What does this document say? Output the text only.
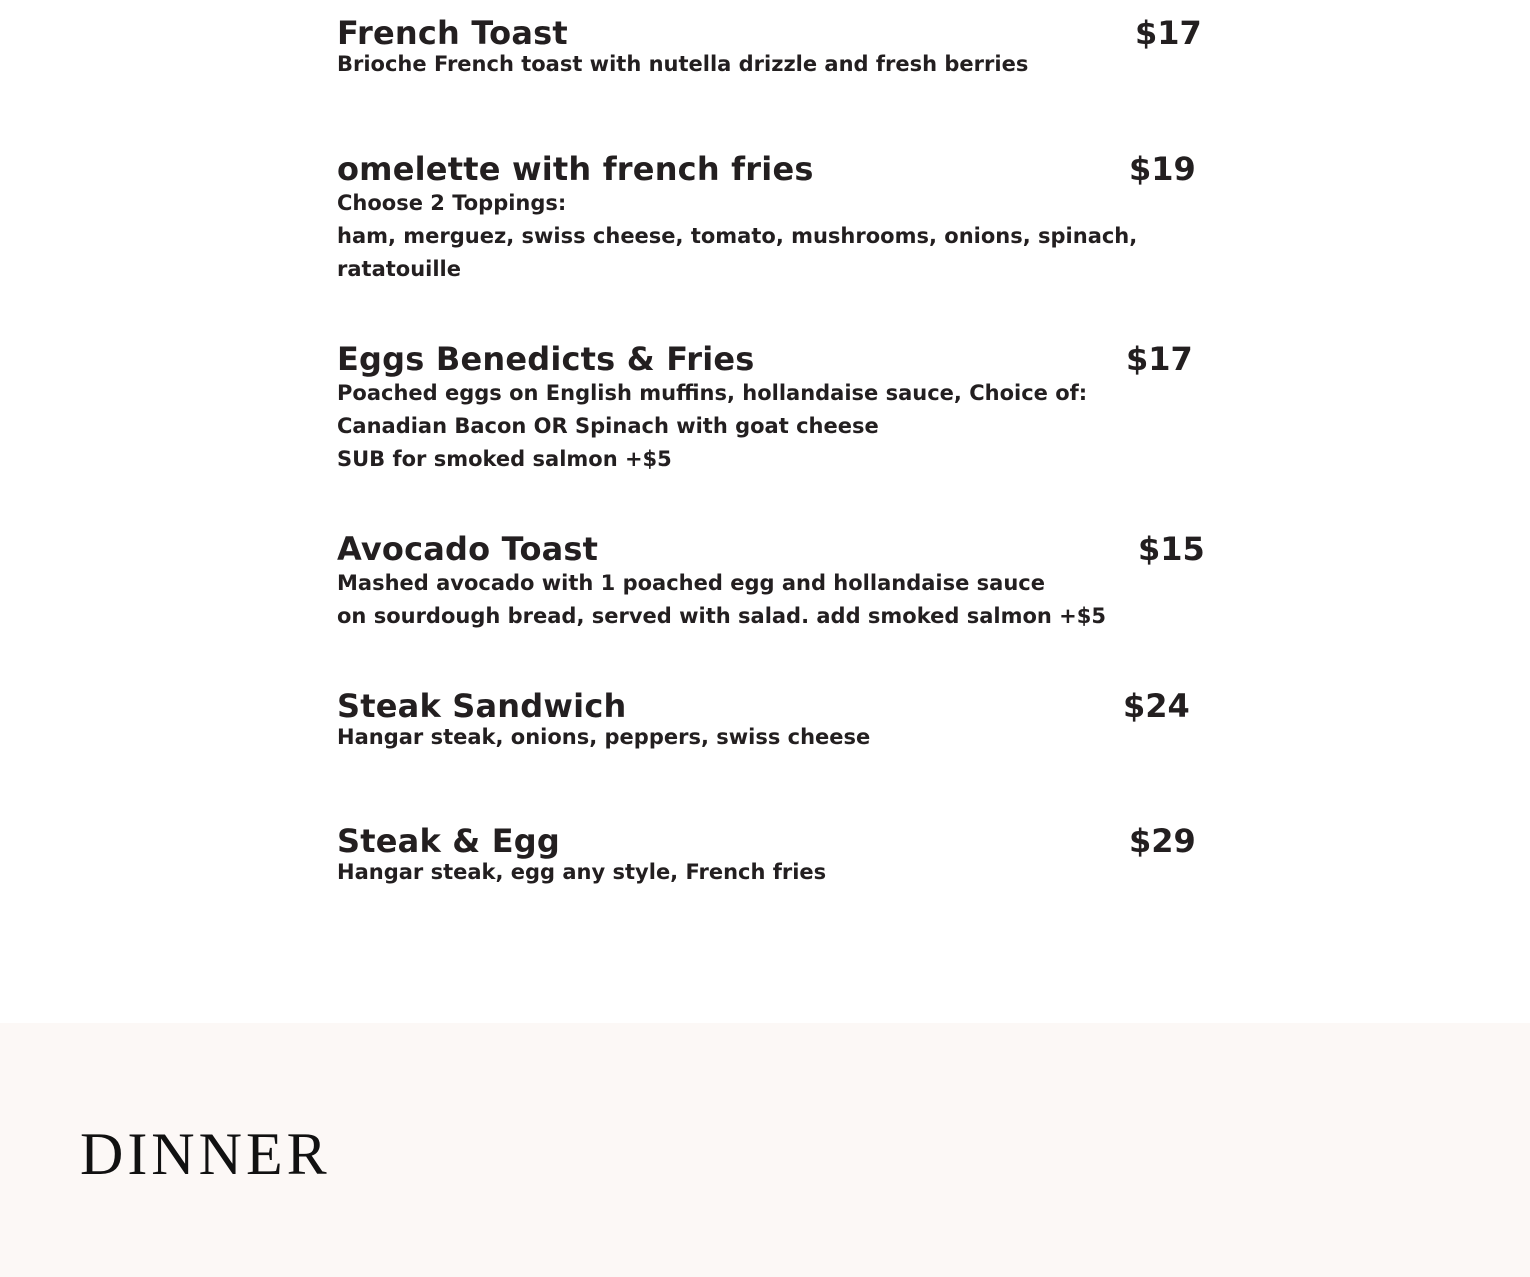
French Toast	$17
Brioche French toast with nutella drizzle and fresh berries
omelette with french fries	$19
Choose 2 Toppings:
ham, merguez, swiss cheese, tomato, mushrooms, onions, spinach,
ratatouille
Eggs Benedicts & Fries	$17
Poached eggs on English muffins, hollandaise sauce, Choice of:
Canadian Bacon OR Spinach with goat cheese
SUB for smoked salmon +$5
Avocado Toast	$15
Mashed avocado with 1 poached egg and hollandaise sauce
on sourdough bread, served with salad. add smoked salmon +$5
Steak Sandwich	$24
Hangar steak, onions, peppers, swiss cheese
Steak & Egg	$29
Hangar steak, egg any style, French fries
DINNER
